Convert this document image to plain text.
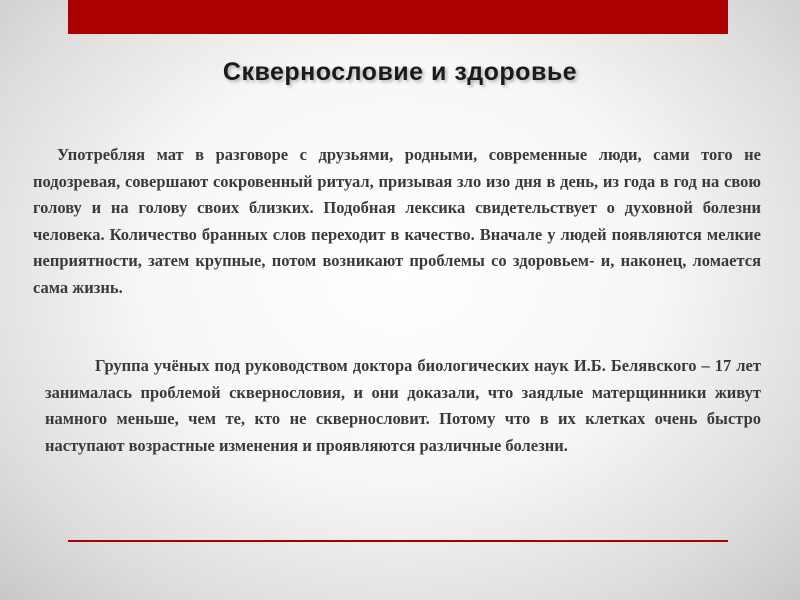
Сквернословие и здоровье

Употребляя мат в разговоре с друзьями, родными, современные люди, сами того не подозревая, совершают сокровенный ритуал, призывая зло изо дня в день, из года в год на свою голову и на голову своих близких. Подобная лексика свидетельствует о духовной болезни человека. Количество бранных слов переходит в качество. Вначале у людей появляются мелкие неприятности, затем крупные, потом возникают проблемы со здоровьем- и, наконец, ломается сама жизнь.

Группа учёных под руководством доктора биологических наук И.Б. Белявского – 17 лет занималась проблемой сквернословия, и они доказали, что заядлые матерщинники живут намного меньше, чем те, кто не сквернословит. Потому что в их клетках очень быстро наступают возрастные изменения и проявляются различные болезни.
